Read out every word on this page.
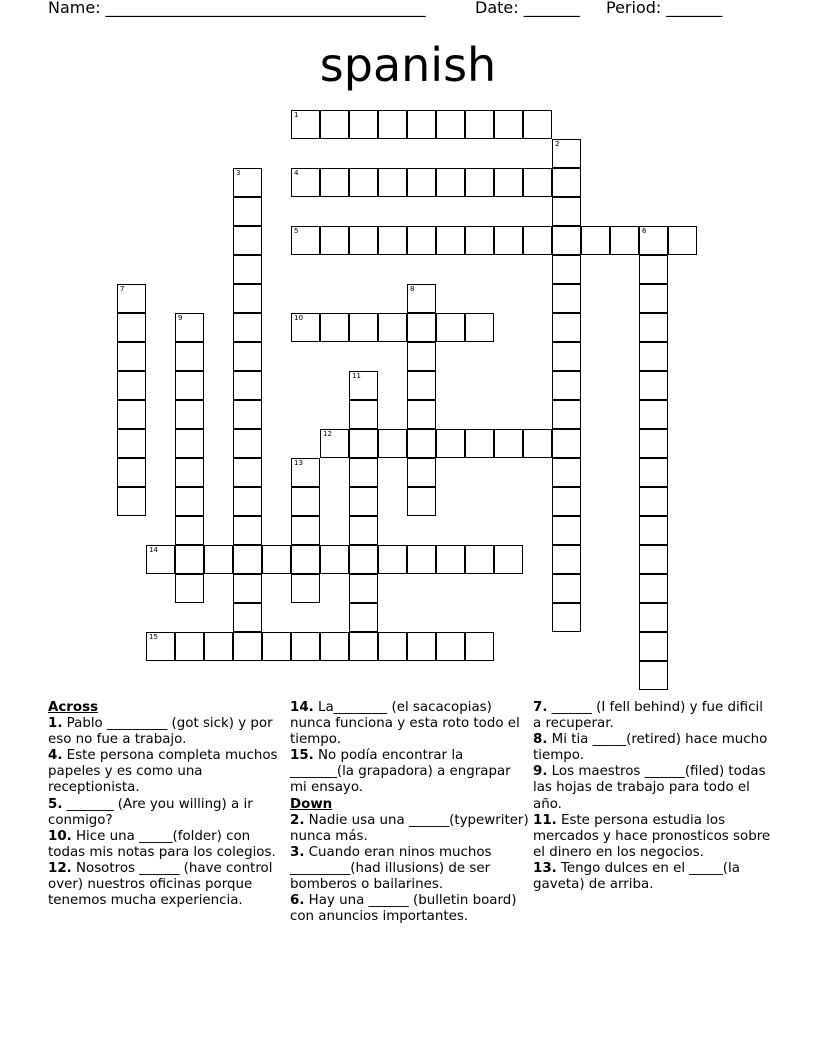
Name: ________________________________________	Date: _______ Period: _______
spanish
1
4
5	6
10
12
14
15
2
3
7	8
9
11
13
Across
1. Pablo _________ (got sick) y por eso no fue a trabajo.
4. Este persona completa muchos papeles y es como una receptionista.
5. _______ (Are you willing) a ir conmigo?
10. Hice una _____(folder) con todas mis notas para los colegios.
12. Nosotros ______ (have control over) nuestros oficinas porque tenemos mucha experiencia.
14. La________ (el sacacopias) nunca funciona y esta roto todo el tiempo.
15. No podía encontrar la _______(la grapadora) a engrapar mi ensayo.
Down
2. Nadie usa una ______(typewriter) nunca más.
3. Cuando eran ninos muchos _________(had illusions) de ser bomberos o bailarines.
6. Hay una ______ (bulletin board) con anuncios importantes.
7. ______ (I fell behind) y fue dificil a recuperar.
8. Mi tia _____(retired) hace mucho tiempo.
9. Los maestros ______(filed) todas las hojas de trabajo para todo el año.
11. Este persona estudia los mercados y hace pronosticos sobre el dinero en los negocios.
13. Tengo dulces en el _____(la gaveta) de arriba.
